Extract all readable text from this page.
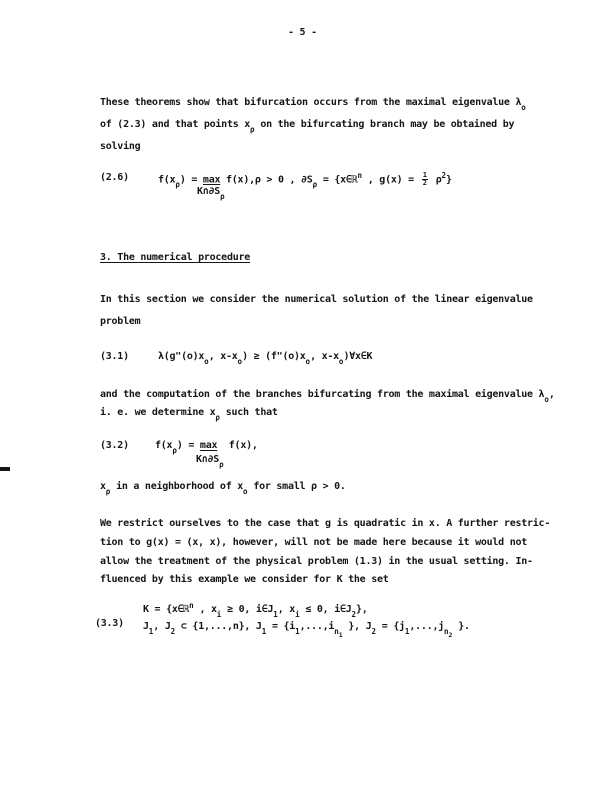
- 5 -
These theorems show that bifurcation occurs from the maximal eigenvalue $\lambda_o$
of (2.3) and that points $x_\rho$ on the bifurcating branch may be obtained by
solving
(2.6)	$f(x_\rho) = \max f(x),\rho > 0$ , $\partial S_\rho$ = {x∈ℝ$^n$ , $g(x) = \frac{1}{2} \rho^2$}
$K\cap\partial S_\rho$
3. The numerical procedure
In this section we consider the numerical solution of the linear eigenvalue
problem
(3.1)	$\lambda(g"(o)x_o$, $x-x_o$) ≥ ($f"(o)x_o$, $x-x_o)\forall x\in K$
and the computation of the branches bifurcating from the maximal eigenvalue $\lambda_o$,
i. e. we determine $x_\rho$ such that
(3.2)	$f(x_\rho) = \max f(x)$,
$K\cap\partial S_\rho$
$x_\rho$ in a neighborhood of $x_o$ for small ρ > 0.
We restrict ourselves to the case that g is quadratic in x. A further restric-
tion to g(x) = (x, x), however, will not be made here because it would not
allow the treatment of the physical problem (1.3) in the usual setting. In-
fluenced by this example we consider for K the set
(3.3)
K = {x∈ℝ$^n$ , $x_i \ge 0$, $i\in J_1$, $x_i \le 0$, $i\in J_2$},
$J_1$, $J_2$ ⊂ {1,...,n}, $J_1 = \{i_1,...,i_{n1}$ }, $J_2 = \{j_1,...,j_{n2}$ }.
